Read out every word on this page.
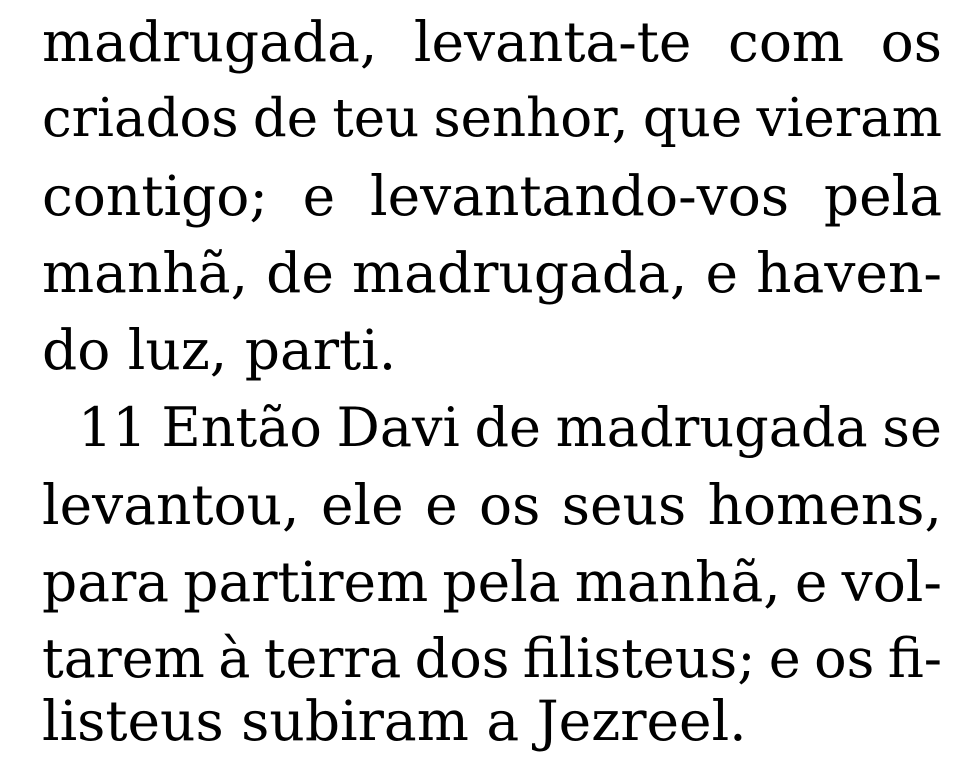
madrugada, levanta-te com os
criados de teu senhor, que vieram
contigo; e levantando-vos pela
manhã, de madrugada, e haven-
do luz, parti.
11 Então Davi de madrugada se
levantou, ele e os seus homens,
para partirem pela manhã, e vol-
tarem à terra dos filisteus; e os fi-
listeus subiram a Jezreel.
